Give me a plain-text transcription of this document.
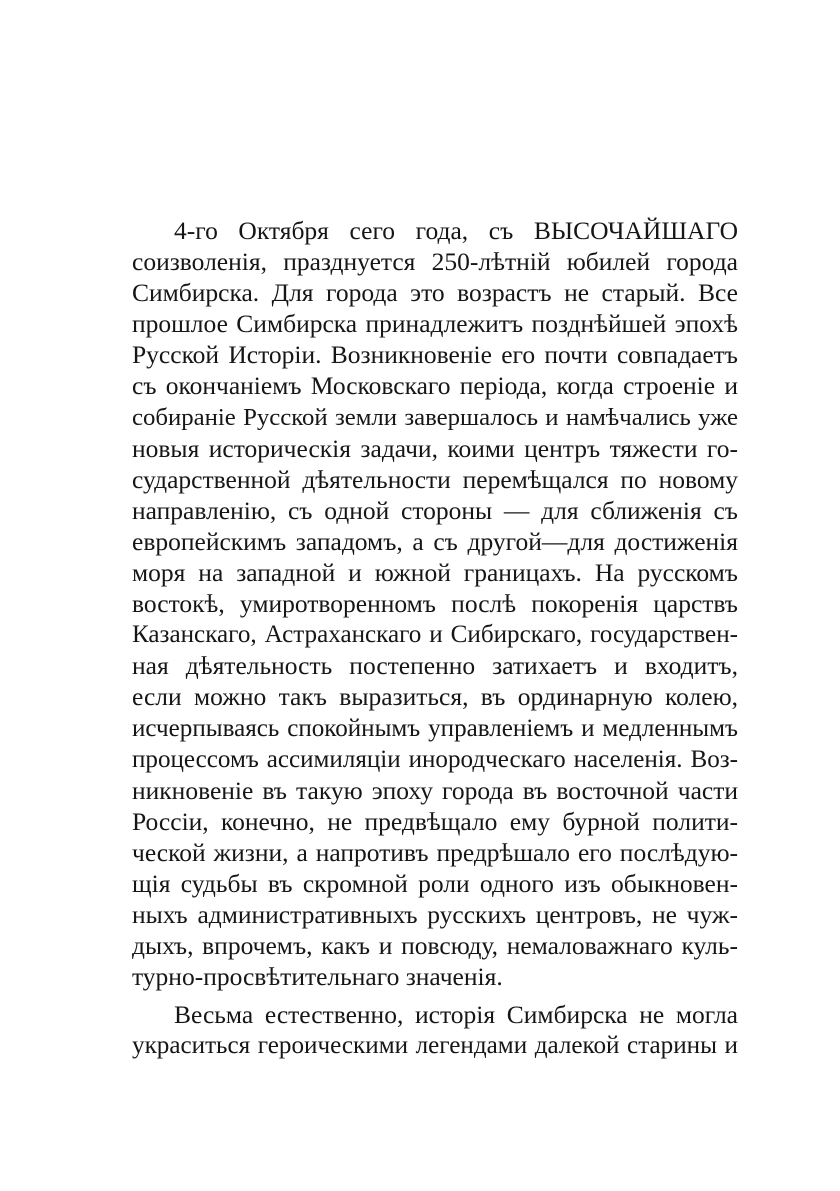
4-го Октября сего года, съ ВЫСОЧАЙШАГО
соизволенія, празднуется 250-лѣтній юбилей города
Симбирска. Для города это возрастъ не старый. Все
прошлое Симбирска принадлежитъ позднѣйшей эпохѣ
Русской Исторіи. Возникновеніе его почти совпадаетъ
съ окончаніемъ Московскаго періода, когда строеніе и
собираніе Русской земли завершалось и намѣчались уже
новыя историческія задачи, коими центръ тяжести го-
сударственной дѣятельности перемѣщался по новому
направленію, съ одной стороны — для сближенія съ
европейскимъ западомъ, а съ другой—для достиженія
моря на западной и южной границахъ. На русскомъ
востокѣ, умиротворенномъ послѣ покоренія царствъ
Казанскаго, Астраханскаго и Сибирскаго, государствен-
ная дѣятельность постепенно затихаетъ и входитъ,
если можно такъ выразиться, въ ординарную колею,
исчерпываясь спокойнымъ управленіемъ и медленнымъ
процессомъ ассимиляціи инородческаго населенія. Воз-
никновеніе въ такую эпоху города въ восточной части
Россіи, конечно, не предвѣщало ему бурной полити-
ческой жизни, а напротивъ предрѣшало его послѣдую-
щія судьбы въ скромной роли одного изъ обыкновен-
ныхъ административныхъ русскихъ центровъ, не чуж-
дыхъ, впрочемъ, какъ и повсюду, немаловажнаго куль-
турно-просвѣтительнаго значенія.
Весьма естественно, исторія Симбирска не могла
украситься героическими легендами далекой старины и
